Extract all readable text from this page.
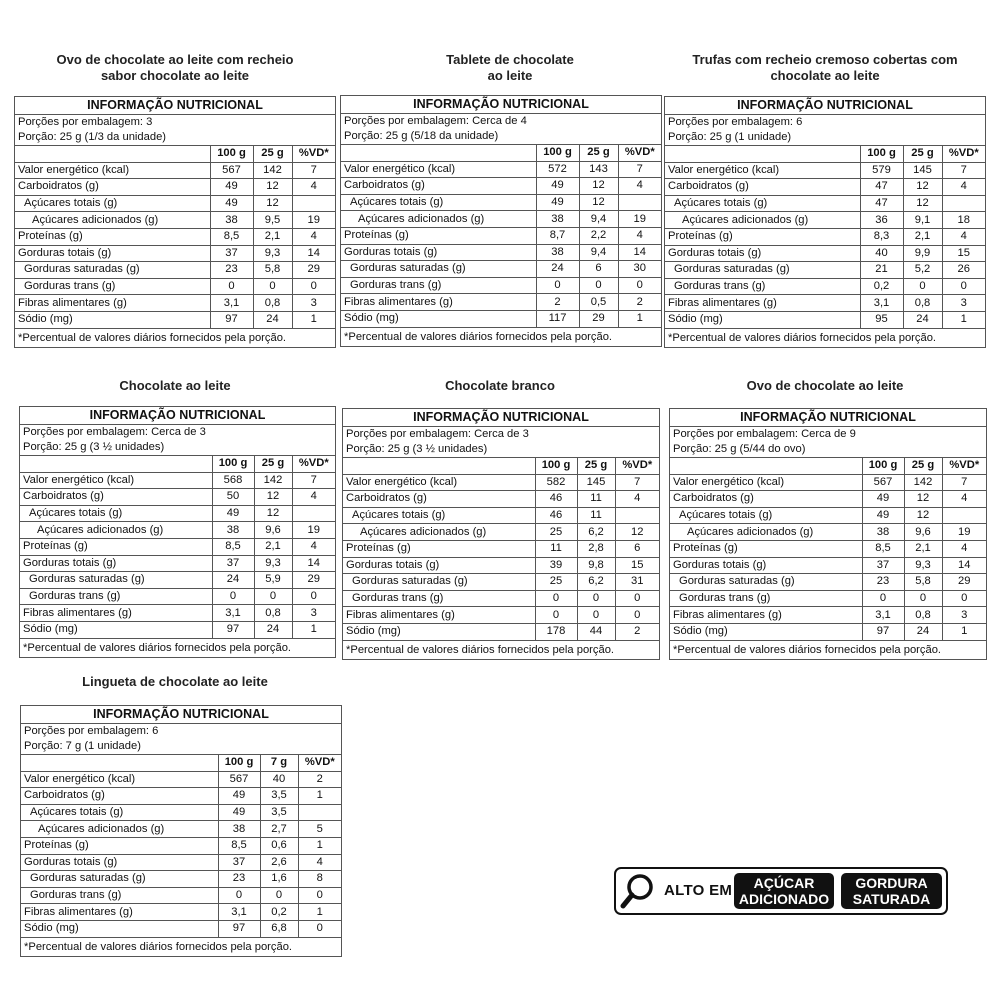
Ovo de chocolate ao leite com recheio
sabor chocolate ao leite
INFORMAÇÃO NUTRICIONAL
Porções por embalagem: 3
Porção: 25 g (1/3 da unidade)
	100 g	25 g	%VD*
Valor energético (kcal)	567	142	7
Carboidratos (g)	49	12	4
Açúcares totais (g)	49	12	
Açúcares adicionados (g)	38	9,5	19
Proteínas (g)	8,5	2,1	4
Gorduras totais (g)	37	9,3	14
Gorduras saturadas (g)	23	5,8	29
Gorduras trans (g)	0	0	0
Fibras alimentares (g)	3,1	0,8	3
Sódio (mg)	97	24	1
*Percentual de valores diários fornecidos pela porção.
Tablete de chocolate
ao leite
INFORMAÇÃO NUTRICIONAL
Porções por embalagem: Cerca de 4
Porção: 25 g (5/18 da unidade)
	100 g	25 g	%VD*
Valor energético (kcal)	572	143	7
Carboidratos (g)	49	12	4
Açúcares totais (g)	49	12	
Açúcares adicionados (g)	38	9,4	19
Proteínas (g)	8,7	2,2	4
Gorduras totais (g)	38	9,4	14
Gorduras saturadas (g)	24	6	30
Gorduras trans (g)	0	0	0
Fibras alimentares (g)	2	0,5	2
Sódio (mg)	117	29	1
*Percentual de valores diários fornecidos pela porção.
Trufas com recheio cremoso cobertas com
chocolate ao leite
INFORMAÇÃO NUTRICIONAL
Porções por embalagem: 6
Porção: 25 g (1 unidade)
	100 g	25 g	%VD*
Valor energético (kcal)	579	145	7
Carboidratos (g)	47	12	4
Açúcares totais (g)	47	12	
Açúcares adicionados (g)	36	9,1	18
Proteínas (g)	8,3	2,1	4
Gorduras totais (g)	40	9,9	15
Gorduras saturadas (g)	21	5,2	26
Gorduras trans (g)	0,2	0	0
Fibras alimentares (g)	3,1	0,8	3
Sódio (mg)	95	24	1
*Percentual de valores diários fornecidos pela porção.
Chocolate ao leite
INFORMAÇÃO NUTRICIONAL
Porções por embalagem: Cerca de 3
Porção: 25 g (3 ½ unidades)
	100 g	25 g	%VD*
Valor energético (kcal)	568	142	7
Carboidratos (g)	50	12	4
Açúcares totais (g)	49	12	
Açúcares adicionados (g)	38	9,6	19
Proteínas (g)	8,5	2,1	4
Gorduras totais (g)	37	9,3	14
Gorduras saturadas (g)	24	5,9	29
Gorduras trans (g)	0	0	0
Fibras alimentares (g)	3,1	0,8	3
Sódio (mg)	97	24	1
*Percentual de valores diários fornecidos pela porção.
Chocolate branco
INFORMAÇÃO NUTRICIONAL
Porções por embalagem: Cerca de 3
Porção: 25 g (3 ½ unidades)
	100 g	25 g	%VD*
Valor energético (kcal)	582	145	7
Carboidratos (g)	46	11	4
Açúcares totais (g)	46	11	
Açúcares adicionados (g)	25	6,2	12
Proteínas (g)	11	2,8	6
Gorduras totais (g)	39	9,8	15
Gorduras saturadas (g)	25	6,2	31
Gorduras trans (g)	0	0	0
Fibras alimentares (g)	0	0	0
Sódio (mg)	178	44	2
*Percentual de valores diários fornecidos pela porção.
Ovo de chocolate ao leite
INFORMAÇÃO NUTRICIONAL
Porções por embalagem: Cerca de 9
Porção: 25 g (5/44 do ovo)
	100 g	25 g	%VD*
Valor energético (kcal)	567	142	7
Carboidratos (g)	49	12	4
Açúcares totais (g)	49	12	
Açúcares adicionados (g)	38	9,6	19
Proteínas (g)	8,5	2,1	4
Gorduras totais (g)	37	9,3	14
Gorduras saturadas (g)	23	5,8	29
Gorduras trans (g)	0	0	0
Fibras alimentares (g)	3,1	0,8	3
Sódio (mg)	97	24	1
*Percentual de valores diários fornecidos pela porção.
Lingueta de chocolate ao leite
INFORMAÇÃO NUTRICIONAL
Porções por embalagem: 6
Porção: 7 g (1 unidade)
	100 g	7 g	%VD*
Valor energético (kcal)	567	40	2
Carboidratos (g)	49	3,5	1
Açúcares totais (g)	49	3,5	
Açúcares adicionados (g)	38	2,7	5
Proteínas (g)	8,5	0,6	1
Gorduras totais (g)	37	2,6	4
Gorduras saturadas (g)	23	1,6	8
Gorduras trans (g)	0	0	0
Fibras alimentares (g)	3,1	0,2	1
Sódio (mg)	97	6,8	0
*Percentual de valores diários fornecidos pela porção.
ALTO EM	AÇÚCAR
ADICIONADO
GORDURA
SATURADA
